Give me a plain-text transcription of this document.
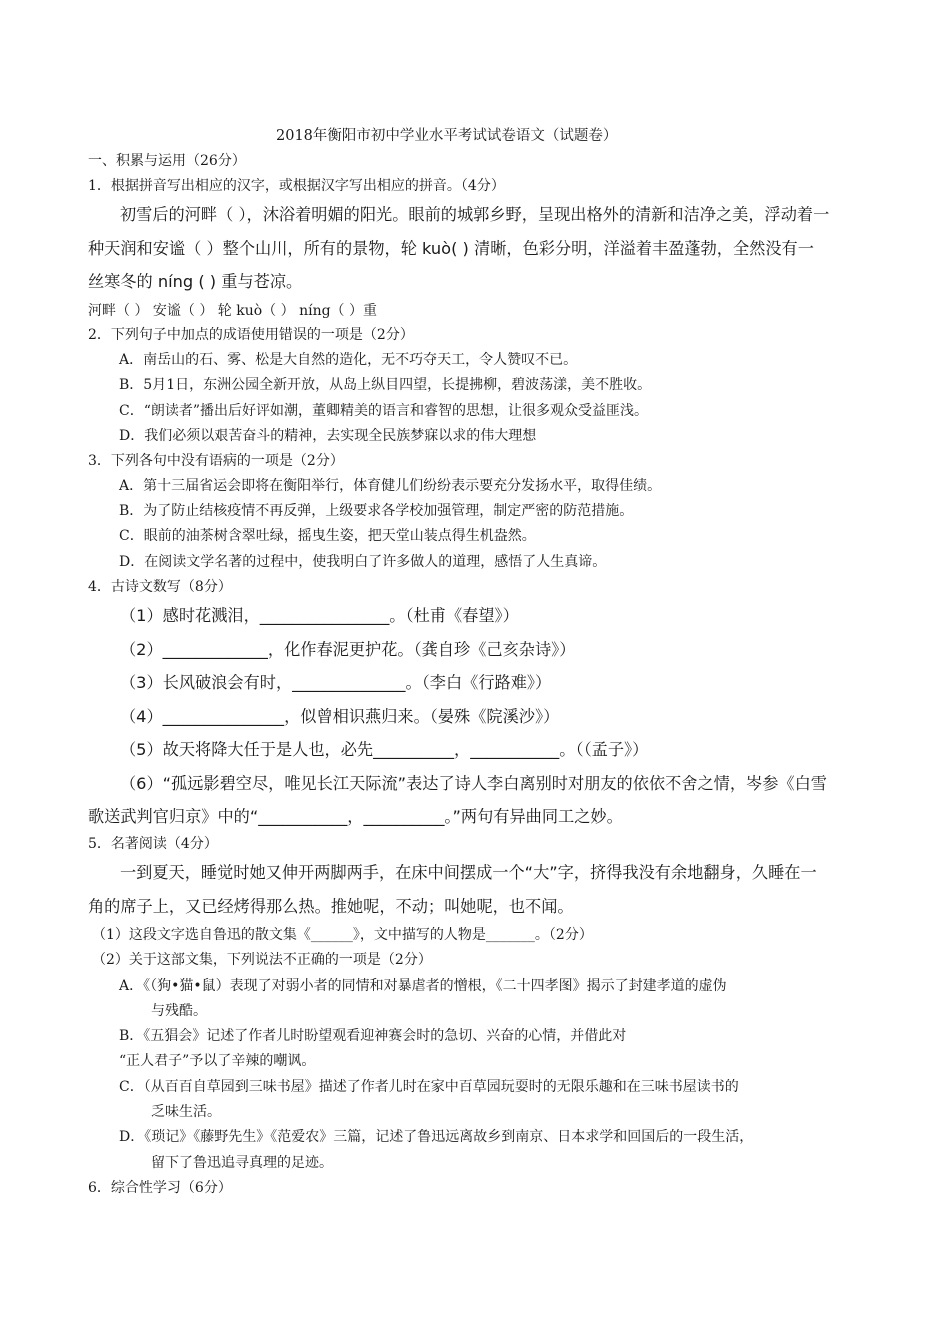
2018年衡阳市初中学业水平考试试卷语文（试题卷）
一、积累与运用（26分）
1．根据拼音写出相应的汉字，或根据汉字写出相应的拼音。（4分）
初雪后的河畔（ ），沐浴着明媚的阳光。眼前的城郭乡野，呈现出格外的清新和洁净之美，浮动着一
种天润和安谧（ ）整个山川，所有的景物，轮 kuò( ) 清晰，色彩分明，洋溢着丰盈蓬勃，全然没有一
丝寒冬的 níng ( ) 重与苍凉。
河畔（ ） 安谧（ ） 轮 kuò（ ） níng（ ）重
2．下列句子中加点的成语使用错误的一项是（2分）
A．南岳山的石、雾、松是大自然的造化，无不巧夺天工，令人赞叹不已。
B．5月1日，东洲公园全新开放，从岛上纵目四望，长提拂柳，碧波荡漾，美不胜收。
C．“朗读者”播出后好评如潮，董卿精美的语言和睿智的思想，让很多观众受益匪浅。
D．我们必须以艰苦奋斗的精神，去实现全民族梦寐以求的伟大理想
3．下列各句中没有语病的一项是（2分）
A．第十三届省运会即将在衡阳举行，体育健儿们纷纷表示要充分发扬水平，取得佳绩。
B．为了防止结核疫情不再反弹，上级要求各学校加强管理，制定严密的防范措施。
C．眼前的油茶树含翠吐绿，摇曳生姿，把天堂山装点得生机盎然。
D．在阅读文学名著的过程中，使我明白了许多做人的道理，感悟了人生真谛。
4．古诗文数写（8分）
（1）感时花溅泪，________________。（杜甫《春望》）
（2）_____________，化作春泥更护花。（龚自珍《己亥杂诗》）
（3）长风破浪会有时，______________。（李白《行路难》）
（4）_______________，似曾相识燕归来。（晏殊《院溪沙》）
（5）故天将降大任于是人也，必先__________，___________。（（孟子》）
（6）“孤远影碧空尽，唯见长江天际流”表达了诗人李白离别时对朋友的依依不舍之情，岑参《白雪
歌送武判官归京》中的“___________，__________。”两句有异曲同工之妙。
5．名著阅读（4分）
一到夏天，睡觉时她又伸开两脚两手，在床中间摆成一个“大”字，挤得我没有余地翻身，久睡在一
角的席子上，又已经烤得那么热。推她呢，不动；叫她呢，也不闻。
（1）这段文字选自鲁迅的散文集《______》，文中描写的人物是_______。（2分）
（2）关于这部文集，下列说法不正确的一项是（2分）
A．《（狗•猫•鼠）表现了对弱小者的同情和对暴虐者的憎根，《二十四孝图》揭示了封建孝道的虚伪
与残酷。
B．《五猖会》记述了作者儿时盼望观看迎神赛会时的急切、兴奋的心情，并借此对
“正人君子”予以了辛辣的嘲讽。
C．（从百百自草园到三味书屋》描述了作者儿时在家中百草园玩耍时的无限乐趣和在三味书屋读书的
乏味生活。
D．《琐记》《藤野先生》《范爱农》三篇，记述了鲁迅远离故乡到南京、日本求学和回国后的一段生活，
留下了鲁迅追寻真理的足迹。
6．综合性学习（6分）
